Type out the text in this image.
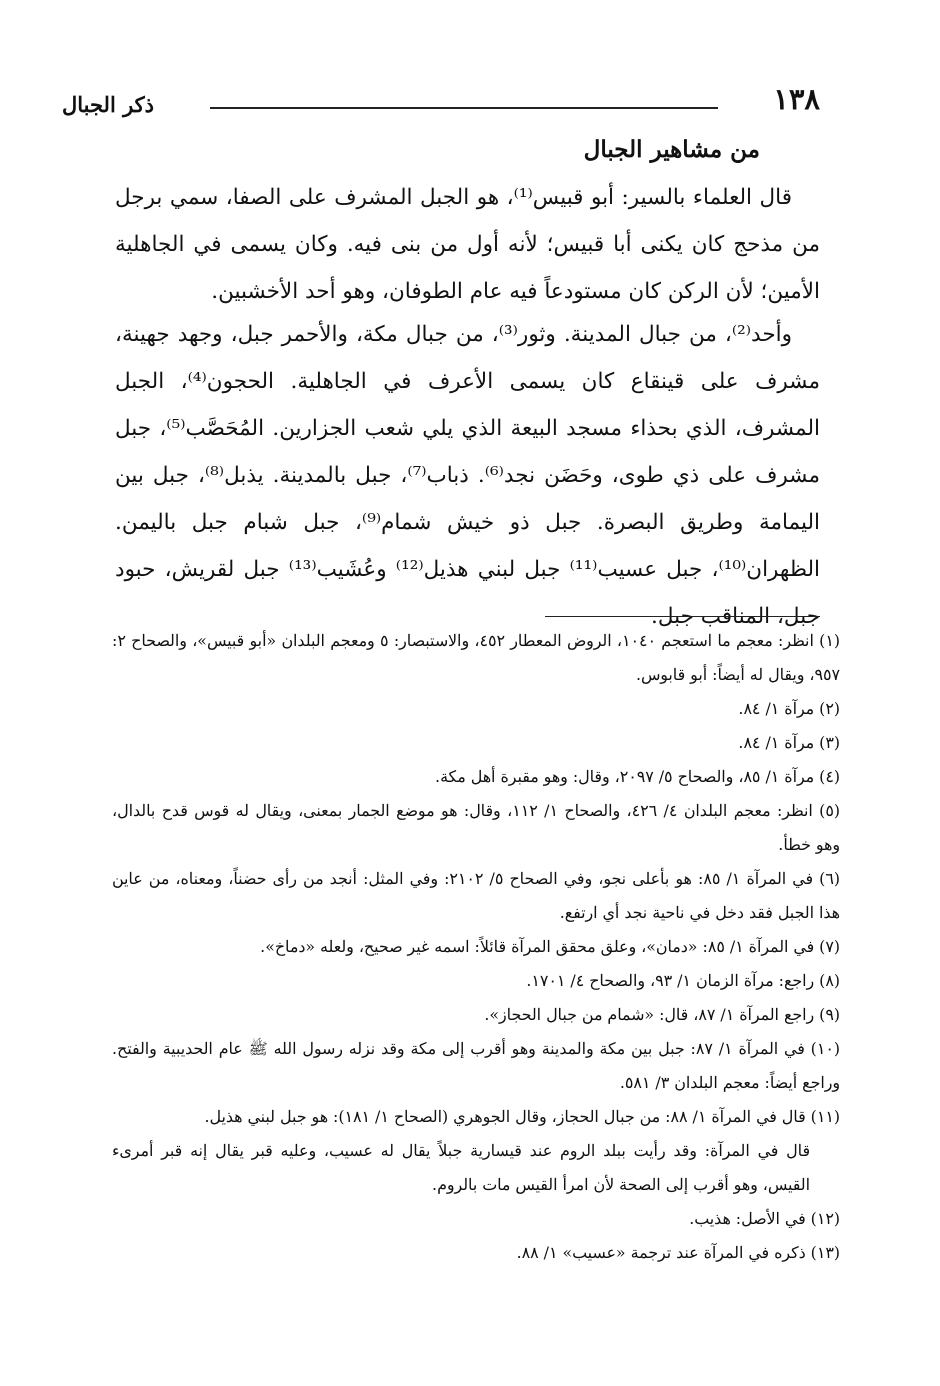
ذكر الجبال	١٣٨
من مشاهير الجبال

قال العلماء بالسير: أبو قبيس⁽¹⁾، هو الجبل المشرف على الصفا، سمي برجل من مذحج كان يكنى أبا قبيس؛ لأنه أول من بنى فيه. وكان يسمى في الجاهلية الأمين؛ لأن الركن كان مستودعاً فيه عام الطوفان، وهو أحد الأخشبين.

وأحد⁽²⁾، من جبال المدينة. وثور⁽³⁾، من جبال مكة، والأحمر جبل، وجهد جهينة، مشرف على قينقاع كان يسمى الأعرف في الجاهلية. الحجون⁽⁴⁾، الجبل المشرف، الذي بحذاء مسجد البيعة الذي يلي شعب الجزارين. المُحَصَّب⁽⁵⁾، جبل مشرف على ذي طوى، وحَضَن نجد⁽⁶⁾. ذباب⁽⁷⁾، جبل بالمدينة. يذبل⁽⁸⁾، جبل بين اليمامة وطريق البصرة. جبل ذو خيش شمام⁽⁹⁾، جبل شبام جبل باليمن. الظهران⁽¹⁰⁾، جبل عسيب⁽¹¹⁾ جبل لبني هذيل⁽¹²⁾ وعُشَيب⁽¹³⁾ جبل لقريش، حبود جبل، المناقب جبل.

(١) انظر: معجم ما استعجم ١٠٤٠، الروض المعطار ٤٥٢، والاستبصار: ٥ ومعجم البلدان «أبو قبيس»، والصحاح ٢: ٩٥٧، ويقال له أيضاً: أبو قابوس.

(٢) مرآة ١/ ٨٤.

(٣) مرآة ١/ ٨٤.

(٤) مرآة ١/ ٨٥، والصحاح ٥/ ٢٠٩٧، وقال: وهو مقبرة أهل مكة.

(٥) انظر: معجم البلدان ٤/ ٤٢٦، والصحاح ١/ ١١٢، وقال: هو موضع الجمار بمعنى، ويقال له قوس قدح بالدال، وهو خطأ.

(٦) في المرآة ١/ ٨٥: هو بأعلى نجو، وفي الصحاح ٥/ ٢١٠٢: وفي المثل: أنجد من رأى حضناً، ومعناه، من عاين هذا الجبل فقد دخل في ناحية نجد أي ارتفع.

(٧) في المرآة ١/ ٨٥: «دمان»، وعلق محقق المرآة قائلاً: اسمه غير صحيح، ولعله «دماخ».

(٨) راجع: مرآة الزمان ١/ ٩٣، والصحاح ٤/ ١٧٠١.

(٩) راجع المرآة ١/ ٨٧، قال: «شمام من جبال الحجاز».

(١٠) في المرآة ١/ ٨٧: جبل بين مكة والمدينة وهو أقرب إلى مكة وقد نزله رسول الله ﷺ عام الحديبية والفتح. وراجع أيضاً: معجم البلدان ٣/ ٥٨١.

(١١) قال في المرآة ١/ ٨٨: من جبال الحجاز، وقال الجوهري (الصحاح ١/ ١٨١): هو جبل لبني هذيل.

قال في المرآة: وقد رأيت ببلد الروم عند قيسارية جبلاً يقال له عسيب، وعليه قبر يقال إنه قبر أمرىء القيس، وهو أقرب إلى الصحة لأن امرأ القيس مات بالروم.

(١٢) في الأصل: هذيب.

(١٣) ذكره في المرآة عند ترجمة «عسيب» ١/ ٨٨.
